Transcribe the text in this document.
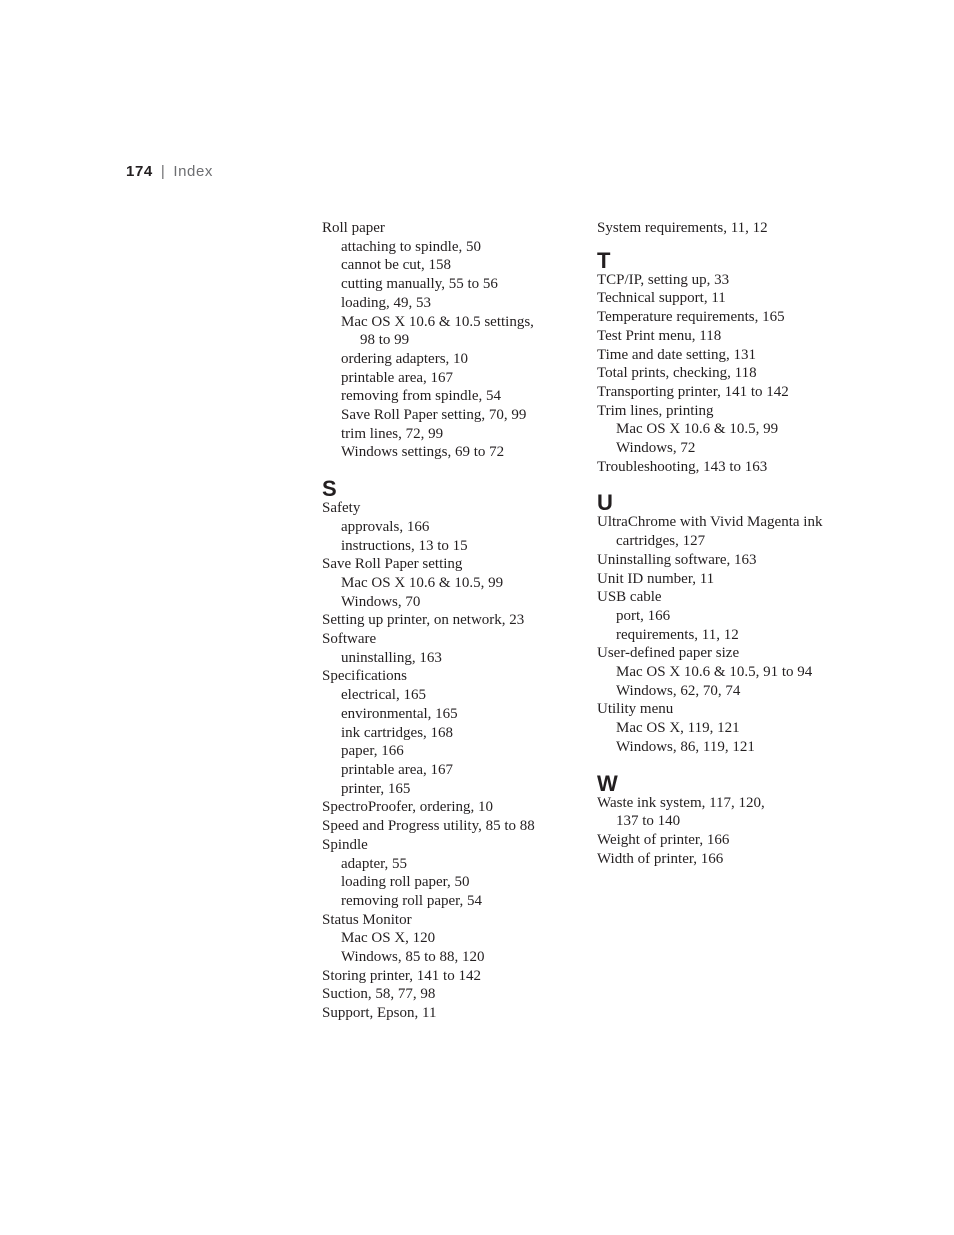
174 | Index
Roll paper
attaching to spindle, 50
cannot be cut, 158
cutting manually, 55 to 56
loading, 49, 53
Mac OS X 10.6 & 10.5 settings,
98 to 99
ordering adapters, 10
printable area, 167
removing from spindle, 54
Save Roll Paper setting, 70, 99
trim lines, 72, 99
Windows settings, 69 to 72
S
Safety
approvals, 166
instructions, 13 to 15
Save Roll Paper setting
Mac OS X 10.6 & 10.5, 99
Windows, 70
Setting up printer, on network, 23
Software
uninstalling, 163
Specifications
electrical, 165
environmental, 165
ink cartridges, 168
paper, 166
printable area, 167
printer, 165
SpectroProofer, ordering, 10
Speed and Progress utility, 85 to 88
Spindle
adapter, 55
loading roll paper, 50
removing roll paper, 54
Status Monitor
Mac OS X, 120
Windows, 85 to 88, 120
Storing printer, 141 to 142
Suction, 58, 77, 98
Support, Epson, 11
System requirements, 11, 12
T
TCP/IP, setting up, 33
Technical support, 11
Temperature requirements, 165
Test Print menu, 118
Time and date setting, 131
Total prints, checking, 118
Transporting printer, 141 to 142
Trim lines, printing
Mac OS X 10.6 & 10.5, 99
Windows, 72
Troubleshooting, 143 to 163
U
UltraChrome with Vivid Magenta ink
cartridges, 127
Uninstalling software, 163
Unit ID number, 11
USB cable
port, 166
requirements, 11, 12
User-defined paper size
Mac OS X 10.6 & 10.5, 91 to 94
Windows, 62, 70, 74
Utility menu
Mac OS X, 119, 121
Windows, 86, 119, 121
W
Waste ink system, 117, 120,
137 to 140
Weight of printer, 166
Width of printer, 166
